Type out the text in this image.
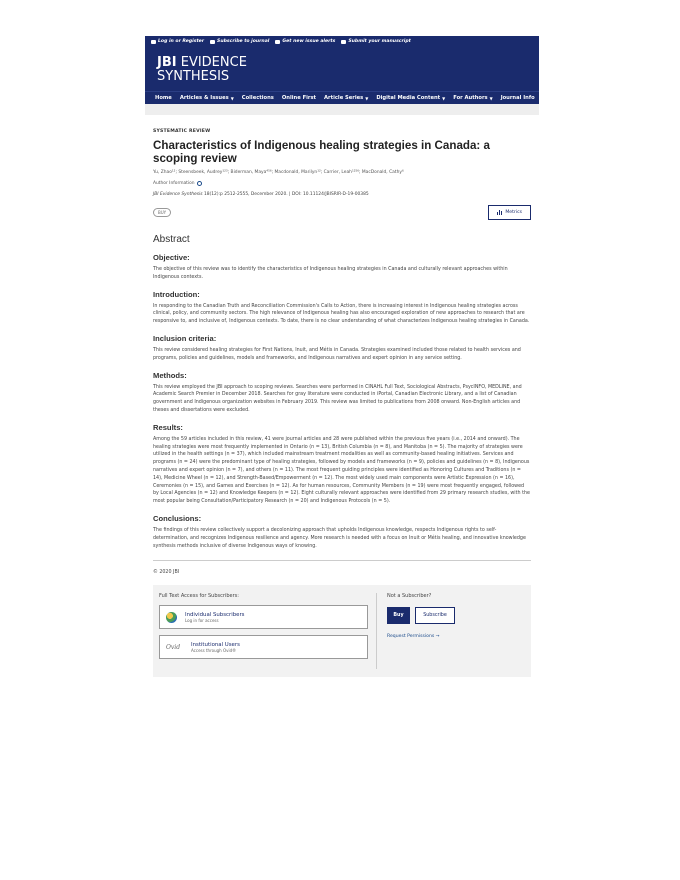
Log in or Register	Subscribe to journal	Get new issue alerts	Submit your manuscript
JBI EVIDENCE
SYNTHESIS
Home Articles & Issues ▼ Collections Online First Article Series ▼ Digital Media Content ▼ For Authors ▼ Journal Info
SYSTEMATIC REVIEW
Characteristics of Indigenous healing strategies in Canada: a scoping review
Yu, Zhao¹²; Steensbeek, Audrey¹²³; Biderman, Maya⁴⁵⁶; Macdonald, Marilyn¹²; Carrier, Leah¹²⁵⁶; MacDonald, Cathy⁶
Author Information
JBI Evidence Synthesis 18(12):p 2512-2555, December 2020. | DOI: 10.11124/JBISRIR-D-19-00385
BUY	Metrics
Abstract
Objective:

The objective of this review was to identify the characteristics of Indigenous healing strategies in Canada and culturally relevant approaches within Indigenous contexts.

Introduction:

In responding to the Canadian Truth and Reconciliation Commission's Calls to Action, there is increasing interest in Indigenous healing strategies across clinical, policy, and community sectors. The high relevance of Indigenous healing has also encouraged exploration of new approaches to research that are responsive to, and inclusive of, Indigenous contexts. To date, there is no clear understanding of what characterizes Indigenous healing strategies in Canada.

Inclusion criteria:

This review considered healing strategies for First Nations, Inuit, and Métis in Canada. Strategies examined included those related to health services and programs, policies and guidelines, models and frameworks, and Indigenous narratives and expert opinion in any service setting.

Methods:

This review employed the JBI approach to scoping reviews. Searches were performed in CINAHL Full Text, Sociological Abstracts, PsycINFO, MEDLINE, and Academic Search Premier in December 2018. Searches for gray literature were conducted in iPortal, Canadian Electronic Library, and a list of Canadian government and Indigenous organization websites in February 2019. This review was limited to publications from 2008 onward. Non-English articles and theses and dissertations were excluded.

Results:

Among the 59 articles included in this review, 41 were journal articles and 28 were published within the previous five years (i.e., 2014 and onward). The healing strategies were most frequently implemented in Ontario (n = 13), British Columbia (n = 8), and Manitoba (n = 5). The majority of strategies were utilized in the health settings (n = 37), which included mainstream treatment modalities as well as community-based healing initiatives. Services and programs (n = 24) were the predominant type of healing strategies, followed by models and frameworks (n = 9), policies and guidelines (n = 8), Indigenous narratives and expert opinion (n = 7), and others (n = 11). The most frequent guiding principles were identified as Honoring Cultures and Traditions (n = 14), Medicine Wheel (n = 12), and Strength-Based/Empowerment (n = 12). The most widely used main components were Artistic Expression (n = 16), Ceremonies (n = 15), and Games and Exercises (n = 12). As for human resources, Community Members (n = 19) were most frequently engaged, followed by Local Agencies (n = 12) and Knowledge Keepers (n = 12). Eight culturally relevant approaches were identified from 29 primary research studies, with the most popular being Consultation/Participatory Research (n = 20) and Indigenous Protocols (n = 5).

Conclusions:

The findings of this review collectively support a decolonizing approach that upholds Indigenous knowledge, respects Indigenous rights to self-determination, and recognizes Indigenous resilience and agency. More research is needed with a focus on Inuit or Métis healing, and innovative knowledge synthesis methods inclusive of diverse Indigenous ways of knowing.

© 2020 JBI
Full Text Access for Subscribers:
Individual Subscribers
Log in for access
Ovid	Institutional Users
Access through Ovid®
Not a Subscriber?
Buy	Subscribe
Request Permissions →
